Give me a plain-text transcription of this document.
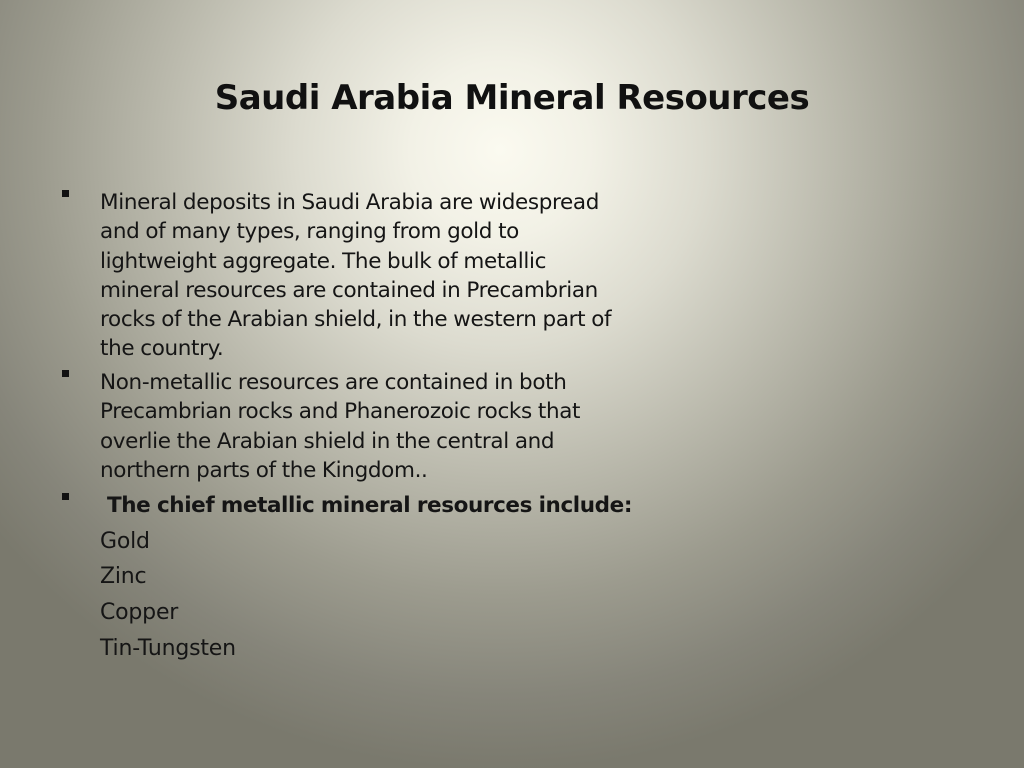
Saudi Arabia Mineral Resources
Mineral deposits in Saudi Arabia are widespread
and of many types, ranging from gold to
lightweight aggregate. The bulk of metallic
mineral resources are contained in Precambrian
rocks of the Arabian shield, in the western part of
the country.
Non-metallic resources are contained in both
Precambrian rocks and Phanerozoic rocks that
overlie the Arabian shield in the central and
northern parts of the Kingdom..
The chief metallic mineral resources include:
Gold
Zinc
Copper
Tin-Tungsten
